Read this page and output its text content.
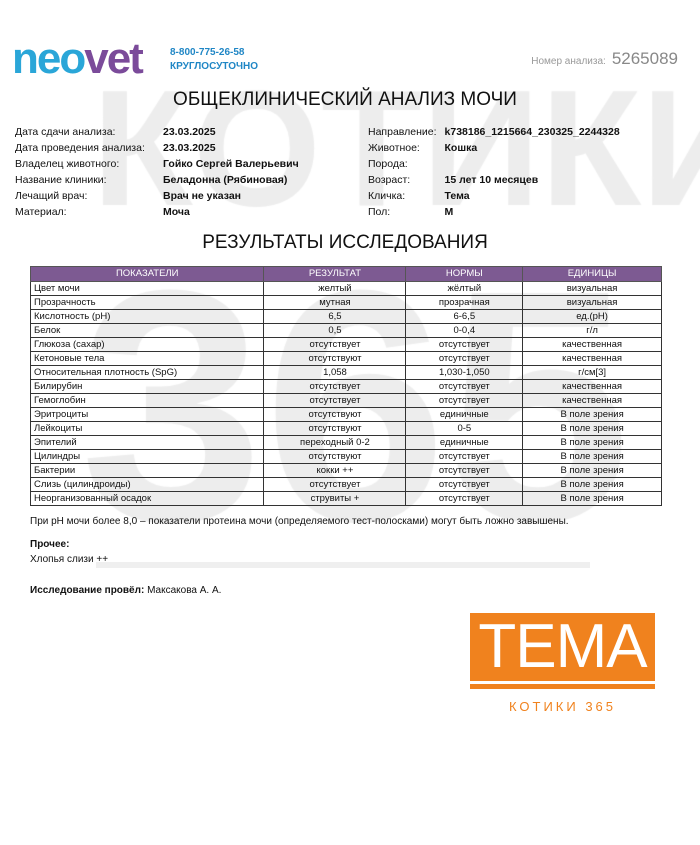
neovet	8-800-775-26-58
КРУГЛОСУТОЧНО	Номер анализа: 5265089
ОБЩЕКЛИНИЧЕСКИЙ АНАЛИЗ МОЧИ
Дата сдачи анализа:	23.03.2025
Дата проведения анализа:	23.03.2025
Владелец животного:	Гойко Сергей Валерьевич
Название клиники:	Беладонна (Рябиновая)
Лечащий врач:	Врач не указан
Материал:	Моча
Направление: k738186_1215664_230325_2244328
Животное:	Кошка
Порода:

Возраст:	15 лет 10 месяцев
Кличка:	Тема
Пол:	М
РЕЗУЛЬТАТЫ ИССЛЕДОВАНИЯ
ПОКАЗАТЕЛИ	РЕЗУЛЬТАТ	НОРМЫ	ЕДИНИЦЫ
Цвет мочи	желтый	жёлтый	визуальная
Прозрачность	мутная	прозрачная	визуальная
Кислотность (pH)	6,5	6-6,5	ед.(pH)
Белок	0,5	0-0,4	г/л
Глюкоза (сахар)	отсутствует	отсутствует	качественная
Кетоновые тела	отсутствуют	отсутствует	качественная
Относительная плотность (SpG)	1,058	1,030-1,050	г/см[3]
Билирубин	отсутствует	отсутствует	качественная
Гемоглобин	отсутствует	отсутствует	качественная
Эритроциты	отсутствуют	единичные	В поле зрения
Лейкоциты	отсутствуют	0-5	В поле зрения
Эпителий	переходный 0-2	единичные	В поле зрения
Цилиндры	отсутствуют	отсутствует	В поле зрения
Бактерии	кокки ++	отсутствует	В поле зрения
Слизь (цилиндроиды)	отсутствует	отсутствует	В поле зрения
Неорганизованный осадок	струвиты +	отсутствует	В поле зрения
При pH мочи более 8,0 – показатели протеина мочи (определяемого тест-полосками) могут быть ложно завышены.
Прочее:
Хлопья слизи ++
Исследование провёл: Максакова А. А.
ТЕМА
КОТИКИ 365
